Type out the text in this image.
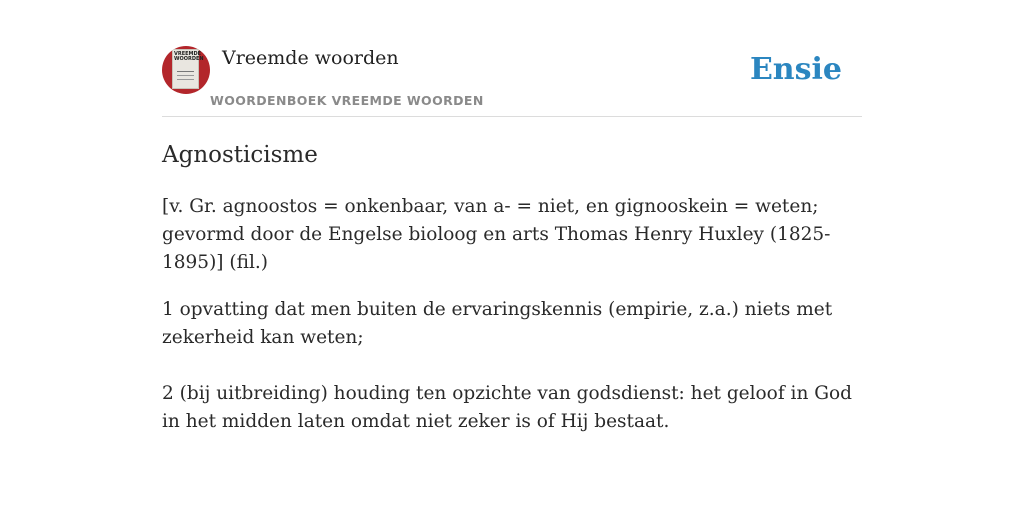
VREEMDE WOORDEN Vreemde woorden
WOORDENBOEK VREEMDE WOORDEN
Ensie
Agnosticisme

[v. Gr. agnoostos = onkenbaar, van a- = niet, en gignooskein = weten; gevormd door de Engelse bioloog en arts Thomas Henry Huxley (1825-1895)] (fil.)

1 opvatting dat men buiten de ervaringskennis (empirie, z.a.) niets met zekerheid kan weten;

2 (bij uitbreiding) houding ten opzichte van godsdienst: het geloof in God in het midden laten omdat niet zeker is of Hij bestaat.
